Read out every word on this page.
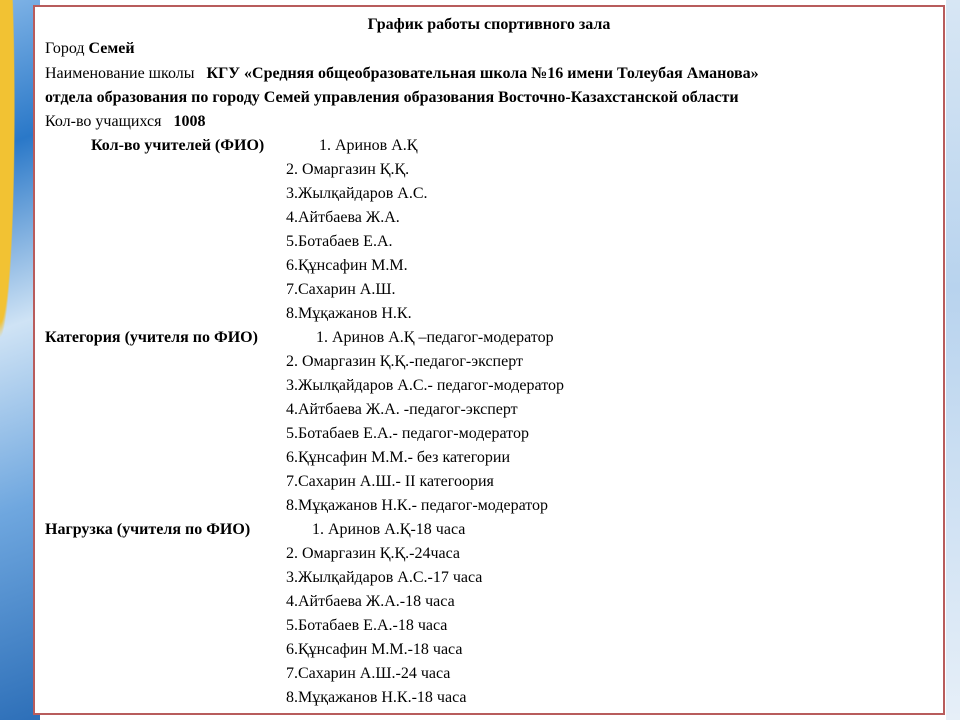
График работы спортивного зала
Город Семей
Наименование школы КГУ «Средняя общеобразовательная школа №16 имени Толеубая Аманова»
отдела образования по городу Семей управления образования Восточно-Казахстанской области
Кол-во учащихся 1008
Кол-во учителей (ФИО)	1. Аринов А.Қ
2. Омаргазин Қ.Қ.
3.Жылқайдаров А.С.
4.Айтбаева Ж.А.
5.Ботабаев Е.А.
6.Құнсафин М.М.
7.Сахарин А.Ш.
8.Мұқажанов Н.К.
Категория (учителя по ФИО)	1. Аринов А.Қ –педагог-модератор
2. Омаргазин Қ.Қ.-педагог-эксперт
3.Жылқайдаров А.С.- педагог-модератор
4.Айтбаева Ж.А. -педагог-эксперт
5.Ботабаев Е.А.- педагог-модератор
6.Құнсафин М.М.- без категории
7.Сахарин А.Ш.- II категоория
8.Мұқажанов Н.К.- педагог-модератор
Нагрузка (учителя по ФИО)	1. Аринов А.Қ-18 часа
2. Омаргазин Қ.Қ.-24часа
3.Жылқайдаров А.С.-17 часа
4.Айтбаева Ж.А.-18 часа
5.Ботабаев Е.А.-18 часа
6.Құнсафин М.М.-18 часа
7.Сахарин А.Ш.-24 часа
8.Мұқажанов Н.К.-18 часа
